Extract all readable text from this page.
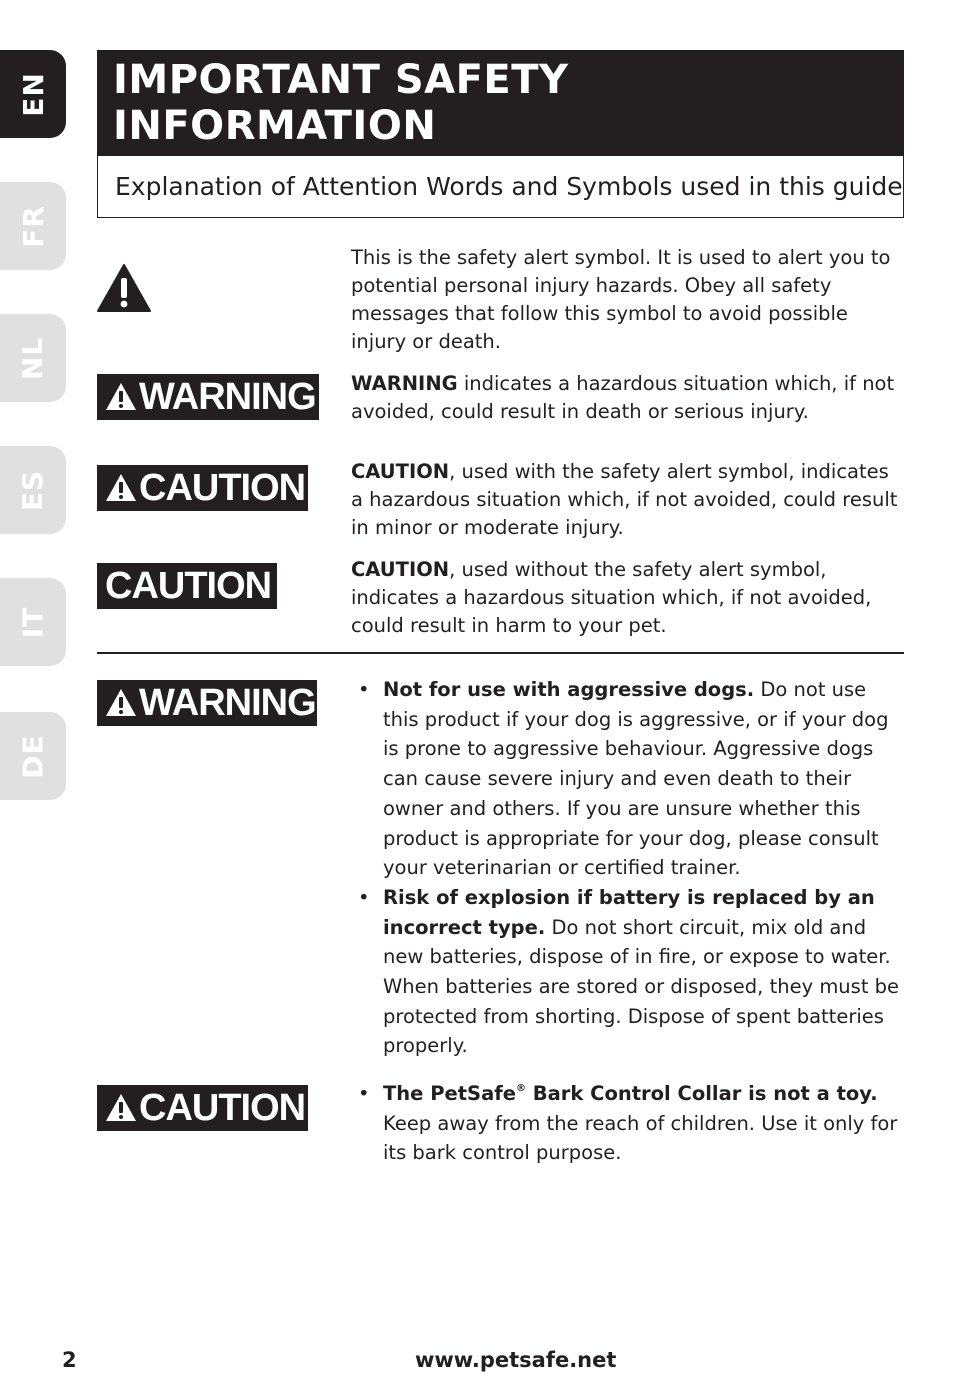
EN
FR
NL
ES
IT
DE
IMPORTANT SAFETY INFORMATION
Explanation of Attention Words and Symbols used in this guide
This is the safety alert symbol. It is used to alert you to potential personal injury hazards. Obey all safety messages that follow this symbol to avoid possible injury or death.
WARNING WARNING indicates a hazardous situation which, if not avoided, could result in death or serious injury.
CAUTION CAUTION, used with the safety alert symbol, indicates a hazardous situation which, if not avoided, could result in minor or moderate injury.
CAUTION	CAUTION, used without the safety alert symbol, indicates a hazardous situation which, if not avoided, could result in harm to your pet.
WARNING	• Not for use with aggressive dogs. Do not use this product if your dog is aggressive, or if your dog is prone to aggressive behaviour. Aggressive dogs can cause severe injury and even death to their owner and others. If you are unsure whether this product is appropriate for your dog, please consult your veterinarian or certified trainer.
• Risk of explosion if battery is replaced by an incorrect type. Do not short circuit, mix old and new batteries, dispose of in fire, or expose to water. When batteries are stored or disposed, they must be protected from shorting. Dispose of spent batteries properly.
CAUTION	• The PetSafe® Bark Control Collar is not a toy. Keep away from the reach of children. Use it only for its bark control purpose.
2	www.petsafe.net
